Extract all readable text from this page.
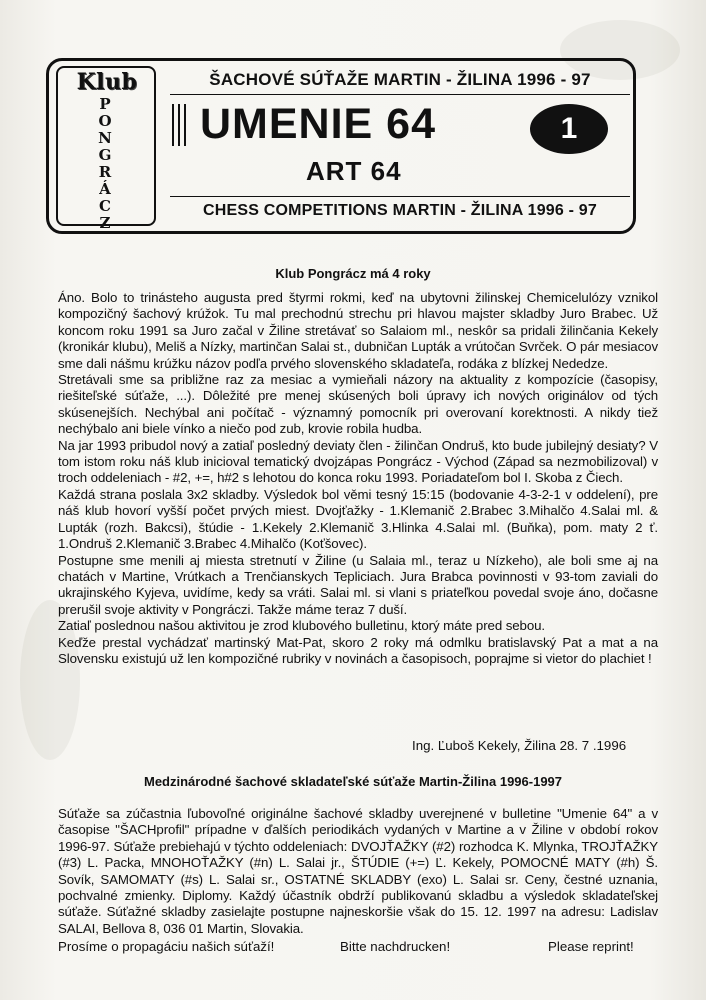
Klub
P
O
N
G
R
Á
C
Z
ŠACHOVÉ SÚŤAŽE MARTIN - ŽILINA 1996 - 97
UMENIE 64	1
ART 64
CHESS COMPETITIONS MARTIN - ŽILINA 1996 - 97
Klub Pongrácz má 4 roky

Áno. Bolo to trinásteho augusta pred štyrmi rokmi, keď na ubytovni žilinskej Chemicelulózy vznikol kompozičný šachový krúžok. Tu mal prechodnú strechu pri hlavou majster skladby Juro Brabec. Už koncom roku 1991 sa Juro začal v Žiline stretávať so Salaiom ml., neskôr sa pridali žilinčania Kekely (kronikár klubu), Meliš a Nízky, martinčan Salai st., dubničan Lupták a vrútočan Svrček. O pár mesiacov sme dali nášmu krúžku názov podľa prvého slovenského skladateľa, rodáka z blízkej Nededze.

Stretávali sme sa približne raz za mesiac a vymieňali názory na aktuality z kompozície (časopisy, riešiteľské súťaže, ...). Dôležité pre menej skúsených boli úpravy ich nových originálov od tých skúsenejších. Nechýbal ani počítač - významný pomocník pri overovaní korektnosti. A nikdy tiež nechýbalo ani biele vínko a niečo pod zub, krovie robila hudba.

Na jar 1993 pribudol nový a zatiaľ posledný deviaty člen - žilinčan Ondruš, kto bude jubilejný desiaty? V tom istom roku náš klub inicioval tematický dvojzápas Pongrácz - Východ (Západ sa nezmobilizoval) v troch oddeleniach - #2, +=, h#2 s lehotou do konca roku 1993. Poriadateľom bol I. Skoba z Čiech.

Každá strana poslala 3x2 skladby. Výsledok bol věmi tesný 15:15 (bodovanie 4-3-2-1 v oddelení), pre náš klub hovorí vyšší počet prvých miest. Dvojťažky - 1.Klemanič 2.Brabec 3.Mihalčo 4.Salai ml. & Lupták (rozh. Bakcsi), štúdie - 1.Kekely 2.Klemanič 3.Hlinka 4.Salai ml. (Buňka), pom. maty 2 ť. 1.Ondruš 2.Klemanič 3.Brabec 4.Mihalčo (Koťšovec).

Postupne sme menili aj miesta stretnutí v Žiline (u Salaia ml., teraz u Nízkeho), ale boli sme aj na chatách v Martine, Vrútkach a Trenčianskych Tepliciach. Jura Brabca povinnosti v 93-tom zaviali do ukrajinského Kyjeva, uvidíme, kedy sa vráti. Salai ml. si vlani s priateľkou povedal svoje áno, dočasne prerušil svoje aktivity v Pongráczi. Takže máme teraz 7 duší.

Zatiaľ poslednou našou aktivitou je zrod klubového bulletinu, ktorý máte pred sebou.

Keďže prestal vychádzať martinský Mat-Pat, skoro 2 roky má odmlku bratislavský Pat a mat a na Slovensku existujú už len kompozičné rubriky v novinách a časopisoch, poprajme si vietor do plachiet !

Ing. Ľuboš Kekely, Žilina 28. 7 .1996
Medzinárodné šachové skladateľské súťaže Martin-Žilina 1996-1997

Súťaže sa zúčastnia ľubovoľné originálne šachové skladby uverejnené v bulletine "Umenie 64" a v časopise "ŠACHprofil" prípadne v ďalších periodikách vydaných v Martine a v Žiline v období rokov 1996-97. Súťaže prebiehajú v týchto oddeleniach: DVOJŤAŽKY (#2) rozhodca K. Mlynka, TROJŤAŽKY (#3) L. Packa, MNOHOŤAŽKY (#n) L. Salai jr., ŠTÚDIE (+=) Ľ. Kekely, POMOCNÉ MATY (#h) Š. Sovík, SAMOMATY (#s) L. Salai sr., OSTATNÉ SKLADBY (exo) L. Salai sr. Ceny, čestné uznania, pochvalné zmienky. Diplomy. Každý účastník obdrží publikovanú skladbu a výsledok skladateľskej súťaže. Súťažné skladby zasielajte postupne najneskoršie však do 15. 12. 1997 na adresu: Ladislav SALAI, Bellova 8, 036 01 Martin, Slovakia.

Prosíme o propagáciu našich súťaží!	Bitte nachdrucken!	Please reprint!
